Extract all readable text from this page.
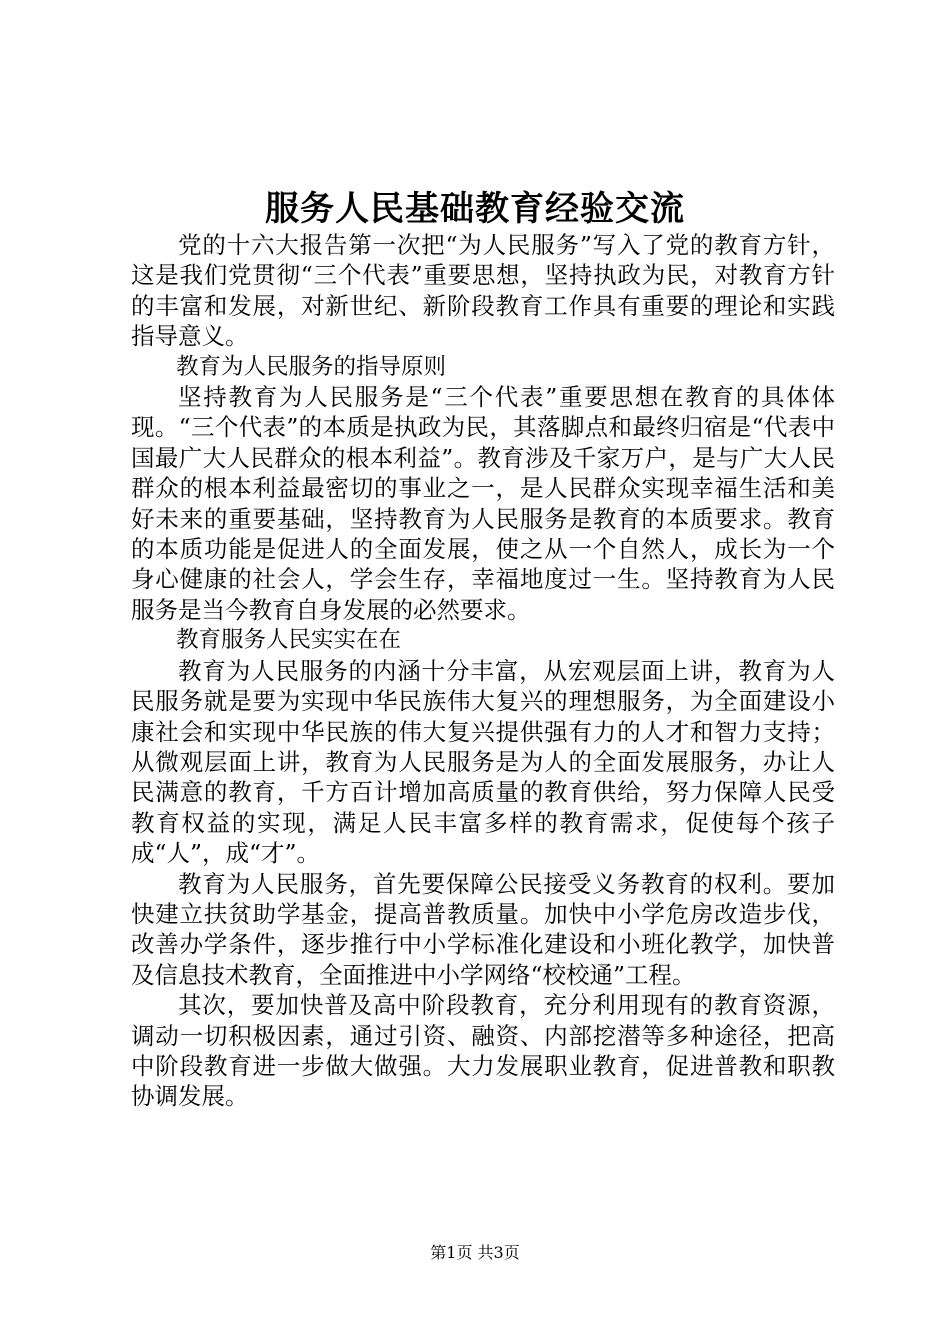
服务人民基础教育经验交流

党的十六大报告第一次把“为人民服务”写入了党的教育方针，这是我们党贯彻“三个代表”重要思想，坚持执政为民，对教育方针的丰富和发展，对新世纪、新阶段教育工作具有重要的理论和实践指导意义。

教育为人民服务的指导原则

坚持教育为人民服务是“三个代表”重要思想在教育的具体体现。“三个代表”的本质是执政为民，其落脚点和最终归宿是“代表中国最广大人民群众的根本利益”。教育涉及千家万户，是与广大人民群众的根本利益最密切的事业之一，是人民群众实现幸福生活和美好未来的重要基础，坚持教育为人民服务是教育的本质要求。教育的本质功能是促进人的全面发展，使之从一个自然人，成长为一个身心健康的社会人，学会生存，幸福地度过一生。坚持教育为人民服务是当今教育自身发展的必然要求。

教育服务人民实实在在

教育为人民服务的内涵十分丰富，从宏观层面上讲，教育为人民服务就是要为实现中华民族伟大复兴的理想服务，为全面建设小康社会和实现中华民族的伟大复兴提供强有力的人才和智力支持；从微观层面上讲，教育为人民服务是为人的全面发展服务，办让人民满意的教育，千方百计增加高质量的教育供给，努力保障人民受教育权益的实现，满足人民丰富多样的教育需求，促使每个孩子成“人”，成“才”。

教育为人民服务，首先要保障公民接受义务教育的权利。要加快建立扶贫助学基金，提高普教质量。加快中小学危房改造步伐，改善办学条件，逐步推行中小学标准化建设和小班化教学，加快普及信息技术教育，全面推进中小学网络“校校通”工程。

其次，要加快普及高中阶段教育，充分利用现有的教育资源，调动一切积极因素，通过引资、融资、内部挖潜等多种途径，把高中阶段教育进一步做大做强。大力发展职业教育，促进普教和职教协调发展。

第1页 共3页
